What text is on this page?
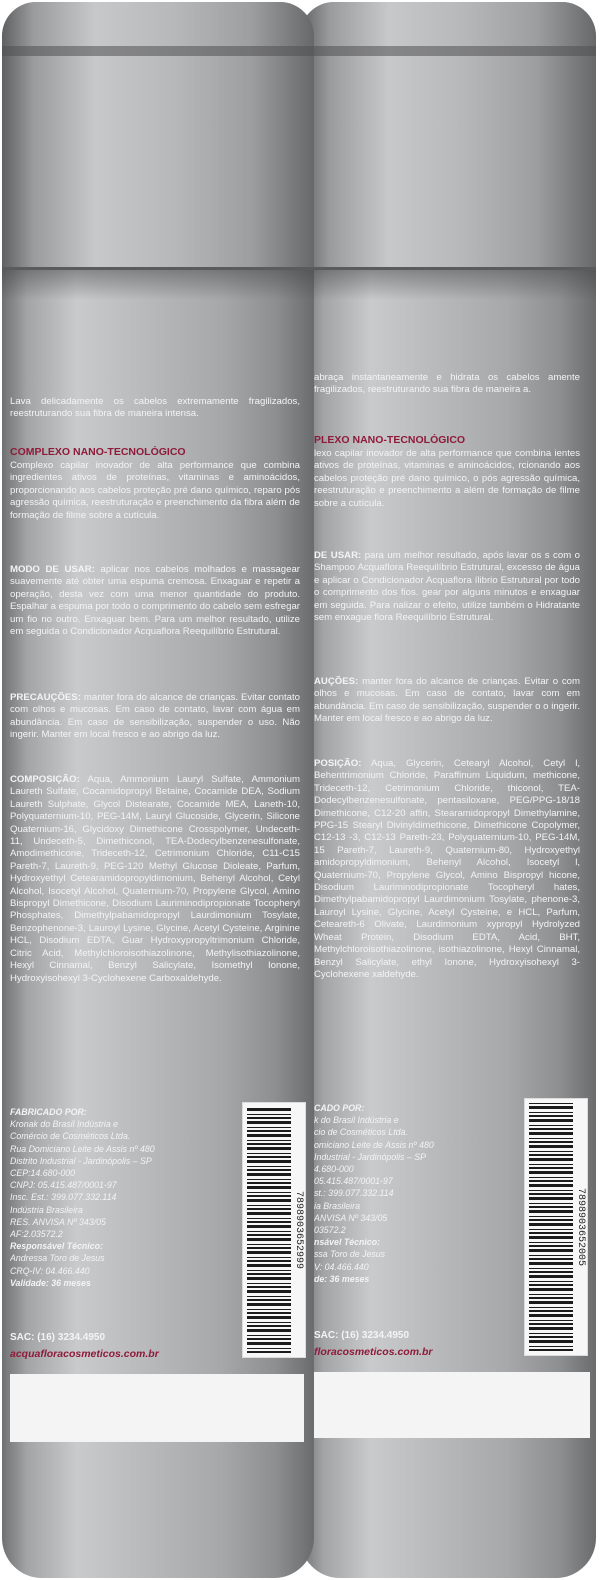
abraça instantaneamente e hidrata os cabelos amente fragilizados, reestruturando sua fibra de maneira a.
PLEXO NANO-TECNOLÓGICO
lexo capilar inovador de alta performance que combina ientes ativos de proteínas, vitaminas e aminoácidos, rcionando aos cabelos proteção pré dano químico, o pós agressão química, reestruturação e preenchimento a além de formação de filme sobre a cutícula.
DE USAR: para um melhor resultado, após lavar os s com o Shampoo Acquaflora Reequilíbrio Estrutural, excesso de água e aplicar o Condicionador Acquaflora ílibrio Estrutural por todo o comprimento dos fios. gear por alguns minutos e enxaguar em seguida. Para nalizar o efeito, utilize também o Hidratante sem enxague flora Reequilíbrio Estrutural.
AUÇÕES: manter fora do alcance de crianças. Evitar o com olhos e mucosas. Em caso de contato, lavar com em abundância. Em caso de sensibilização, suspender o o ingerir. Manter em local fresco e ao abrigo da luz.
POSIÇÃO: Aqua, Glycerin, Cetearyl Alcohol, Cetyl l, Behentrimonium Chloride, Paraffinum Liquidum, methicone, Trideceth-12, Cetrimonium Chloride, thiconol, TEA-Dodecylbenzenesulfonate, pentasiloxane, PEG/PPG-18/18 Dimethicone, C12-20 affin, Stearamidopropyl Dimethylamine, PPG-15 Stearyl Divinyldimethicone, Dimethicone Copolymer, C12-13 -3, C12-13 Pareth-23, Polyquaternium-10, PEG-14M, 15 Pareth-7, Laureth-9, Quaternium-80, Hydroxyethyl amidopropyldimonium, Behenyl Alcohol, Isocetyl l, Quaternium-70, Propylene Glycol, Amino Bispropyl hicone, Disodium Lauriminodipropionate Tocopheryl hates, Dimethylpabamidopropyl Laurdimonium Tosylate, phenone-3, Lauroyl Lysine, Glycine, Acetyl Cysteine, e HCL, Parfum, Ceteareth-6 Olivate, Laurdimonium xypropyl Hydrolyzed Wheat Protein, Disodium EDTA, Acid, BHT, Methylchloroisothiazolinone, isothiazolinone, Hexyl Cinnamal, Benzyl Salicylate, ethyl Ionone, Hydroxyisohexyl 3-Cyclohexene xaldehyde.
CADO POR:
k do Brasil Indústria e
cio de Cosméticos Ltda.
omiciano Leite de Assis nº 480
Industrial - Jardinópolis – SP
4.680-000
05.415.487/0001-97
st.: 399.077.332.114
ia Brasileira
ANVISA Nº 343/05
03572.2
nsável Técnico:
ssa Toro de Jesus
V: 04.466.440
de: 36 meses
SAC: (16) 3234.4950
floracosmeticos.com.br
7898903652005
Lava delicadamente os cabelos extremamente fragilizados, reestruturando sua fibra de maneira intensa.
COMPLEXO NANO-TECNOLÓGICO
Complexo capilar inovador de alta performance que combina ingredientes ativos de proteínas, vitaminas e aminoácidos, proporcionando aos cabelos proteção pré dano químico, reparo pós agressão química, reestruturação e preenchimento da fibra além de formação de filme sobre a cutícula.
MODO DE USAR: aplicar nos cabelos molhados e massagear suavemente até obter uma espuma cremosa. Enxaguar e repetir a operação, desta vez com uma menor quantidade do produto. Espalhar a espuma por todo o comprimento do cabelo sem esfregar um fio no outro. Enxaguar bem. Para um melhor resultado, utilize em seguida o Condicionador Acquaflora Reequilíbrio Estrutural.
PRECAUÇÕES: manter fora do alcance de crianças. Evitar contato com olhos e mucosas. Em caso de contato, lavar com água em abundância. Em caso de sensibilização, suspender o uso. Não ingerir. Manter em local fresco e ao abrigo da luz.
COMPOSIÇÃO: Aqua, Ammonium Lauryl Sulfate, Ammonium Laureth Sulfate, Cocamidopropyl Betaine, Cocamide DEA, Sodium Laureth Sulphate, Glycol Distearate, Cocamide MEA, Laneth-10, Polyquaternium-10, PEG-14M, Lauryl Glucoside, Glycerin, Silicone Quaternium-16, Glycidoxy Dimethicone Crosspolymer, Undeceth-11, Undeceth-5, Dimethiconol, TEA-Dodecylbenzenesulfonate, Amodimethicone, Trideceth-12, Cetrimonium Chloride, C11-C15 Pareth-7, Laureth-9, PEG-120 Methyl Glucose Dioleate, Parfum, Hydroxyethyl Cetearamidopropyldimonium, Behenyl Alcohol, Cetyl Alcohol, Isocetyl Alcohol, Quaternium-70, Propylene Glycol, Amino Bispropyl Dimethicone, Disodium Lauriminodipropionate Tocopheryl Phosphates, Dimethylpabamidopropyl Laurdimonium Tosylate, Benzophenone-3, Lauroyl Lysine, Glycine, Acetyl Cysteine, Arginine HCL, Disodium EDTA, Guar Hydroxypropyltrimonium Chloride, Citric Acid, Methylchloroisothiazolinone, Methylisothiazolinone, Hexyl Cinnamal, Benzyl Salicylate, Isomethyl Ionone, Hydroxyisohexyl 3-Cyclohexene Carboxaldehyde.
FABRICADO POR:
Kronak do Brasil Indústria e
Comércio de Cosméticos Ltda.
Rua Domiciano Leite de Assis nº 480
Distrito Industrial - Jardinópolis – SP
CEP:14.680-000
CNPJ: 05.415.487/0001-97
Insc. Est.: 399.077.332.114
Indústria Brasileira
RES. ANVISA Nº 343/05
AF:2.03572.2
Responsável Técnico:
Andressa Toro de Jesus
CRQ-IV: 04.466.440
Validade: 36 meses
SAC: (16) 3234.4950
acquafloracosmeticos.com.br
7898903652999
